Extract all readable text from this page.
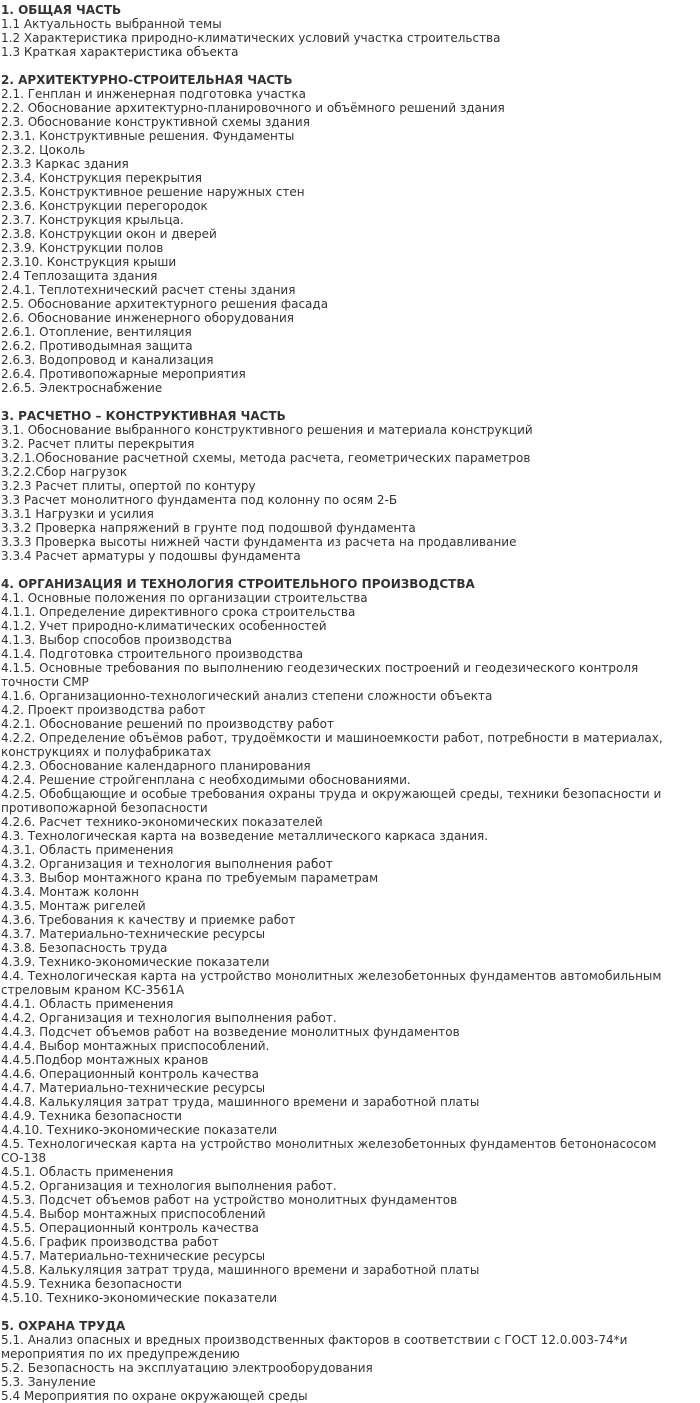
1. ОБЩАЯ ЧАСТЬ
1.1 Актуальность выбранной темы
1.2 Характеристика природно-климатических условий участка строительства
1.3 Краткая характеристика объекта
2. АРХИТЕКТУРНО-СТРОИТЕЛЬНАЯ ЧАСТЬ
2.1. Генплан и инженерная подготовка участка
2.2. Обоснование архитектурно-планировочного и объёмного решений здания
2.3. Обоснование конструктивной схемы здания
2.3.1. Конструктивные решения. Фундаменты
2.3.2. Цоколь
2.3.3 Каркас здания
2.3.4. Конструкция перекрытия
2.3.5. Конструктивное решение наружных стен
2.3.6. Конструкции перегородок
2.3.7. Конструкция крыльца.
2.3.8. Конструкции окон и дверей
2.3.9. Конструкции полов
2.3.10. Конструкция крыши
2.4 Теплозащита здания
2.4.1. Теплотехнический расчет стены здания
2.5. Обоснование архитектурного решения фасада
2.6. Обоснование инженерного оборудования
2.6.1. Отопление, вентиляция
2.6.2. Противодымная защита
2.6.3. Водопровод и канализация
2.6.4. Противопожарные мероприятия
2.6.5. Электроснабжение
3. РАСЧЕТНО – КОНСТРУКТИВНАЯ ЧАСТЬ
3.1. Обоснование выбранного конструктивного решения и материала конструкций
3.2. Расчет плиты перекрытия
3.2.1.Обоснование расчетной схемы, метода расчета, геометрических параметров
3.2.2.Сбор нагрузок
3.2.3 Расчет плиты, опертой по контуру
3.3 Расчет монолитного фундамента под колонну по осям 2-Б
3.3.1 Нагрузки и усилия
3.3.2 Проверка напряжений в грунте под подошвой фундамента
3.3.3 Проверка высоты нижней части фундамента из расчета на продавливание
3.3.4 Расчет арматуры у подошвы фундамента
4. ОРГАНИЗАЦИЯ И ТЕХНОЛОГИЯ СТРОИТЕЛЬНОГО ПРОИЗВОДСТВА
4.1. Основные положения по организации строительства
4.1.1. Определение директивного срока строительства
4.1.2. Учет природно-климатических особенностей
4.1.3. Выбор способов производства
4.1.4. Подготовка строительного производства
4.1.5. Основные требования по выполнению геодезических построений и геодезического контроля точности СМР
4.1.6. Организационно-технологический анализ степени сложности объекта
4.2. Проект производства работ
4.2.1. Обоснование решений по производству работ
4.2.2. Определение объёмов работ, трудоёмкости и машиноемкости работ, потребности в материалах, конструкциях и полуфабрикатах
4.2.3. Обоснование календарного планирования
4.2.4. Решение стройгенплана с необходимыми обоснованиями.
4.2.5. Обобщающие и особые требования охраны труда и окружающей среды, техники безопасности и противопожарной безопасности
4.2.6. Расчет технико-экономических показателей
4.3. Технологическая карта на возведение металлического каркаса здания.
4.3.1. Область применения
4.3.2. Организация и технология выполнения работ
4.3.3. Выбор монтажного крана по требуемым параметрам
4.3.4. Монтаж колонн
4.3.5. Монтаж ригелей
4.3.6. Требования к качеству и приемке работ
4.3.7. Материально-технические ресурсы
4.3.8. Безопасность труда
4.3.9. Технико-экономические показатели
4.4. Технологическая карта на устройство монолитных железобетонных фундаментов автомобильным стреловым краном КС-3561А
4.4.1. Область применения
4.4.2. Организация и технология выполнения работ.
4.4.3. Подсчет объемов работ на возведение монолитных фундаментов
4.4.4. Выбор монтажных приспособлений.
4.4.5.Подбор монтажных кранов
4.4.6. Операционный контроль качества
4.4.7. Материально-технические ресурсы
4.4.8. Калькуляция затрат труда, машинного времени и заработной платы
4.4.9. Техника безопасности
4.4.10. Технико-экономические показатели
4.5. Технологическая карта на устройство монолитных железобетонных фундаментов бетононасосом СО-138
4.5.1. Область применения
4.5.2. Организация и технология выполнения работ.
4.5.3. Подсчет объемов работ на устройство монолитных фундаментов
4.5.4. Выбор монтажных приспособлений
4.5.5. Операционный контроль качества
4.5.6. График производства работ
4.5.7. Материально-технические ресурсы
4.5.8. Калькуляция затрат труда, машинного времени и заработной платы
4.5.9. Техника безопасности
4.5.10. Технико-экономические показатели
5. ОХРАНА ТРУДА
5.1. Анализ опасных и вредных производственных факторов в соответствии с ГОСТ 12.0.003-74*и мероприятия по их предупреждению
5.2. Безопасность на эксплуатацию электрооборудования
5.3. Зануление
5.4 Мероприятия по охране окружающей среды
